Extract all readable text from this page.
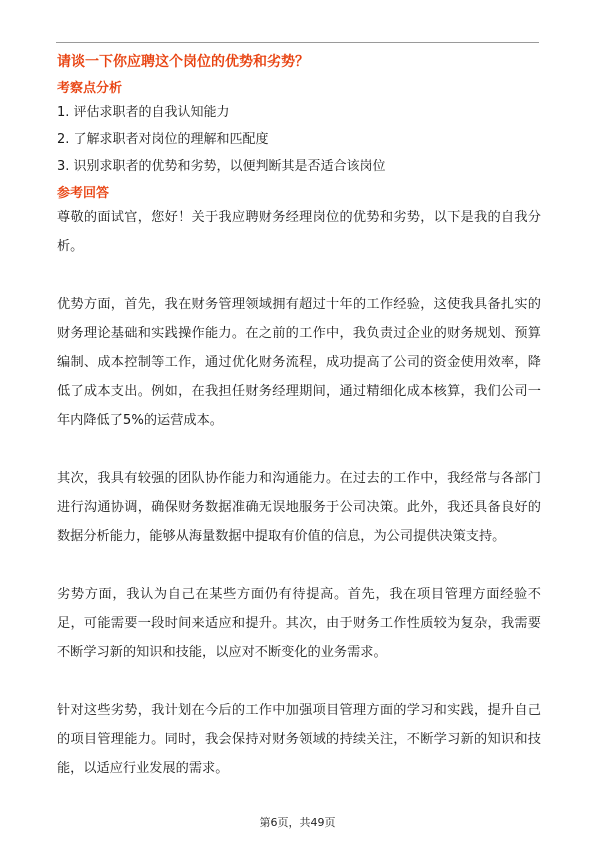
请谈一下你应聘这个岗位的优势和劣势？
考察点分析
1. 评估求职者的自我认知能力
2. 了解求职者对岗位的理解和匹配度
3. 识别求职者的优势和劣势，以便判断其是否适合该岗位
参考回答
尊敬的面试官，您好！关于我应聘财务经理岗位的优势和劣势，以下是我的自我分析。
优势方面，首先，我在财务管理领域拥有超过十年的工作经验，这使我具备扎实的财务理论基础和实践操作能力。在之前的工作中，我负责过企业的财务规划、预算编制、成本控制等工作，通过优化财务流程，成功提高了公司的资金使用效率，降低了成本支出。例如，在我担任财务经理期间，通过精细化成本核算，我们公司一年内降低了5%的运营成本。
其次，我具有较强的团队协作能力和沟通能力。在过去的工作中，我经常与各部门进行沟通协调，确保财务数据准确无误地服务于公司决策。此外，我还具备良好的数据分析能力，能够从海量数据中提取有价值的信息，为公司提供决策支持。
劣势方面，我认为自己在某些方面仍有待提高。首先，我在项目管理方面经验不足，可能需要一段时间来适应和提升。其次，由于财务工作性质较为复杂，我需要不断学习新的知识和技能，以应对不断变化的业务需求。
针对这些劣势，我计划在今后的工作中加强项目管理方面的学习和实践，提升自己的项目管理能力。同时，我会保持对财务领域的持续关注，不断学习新的知识和技能，以适应行业发展的需求。
第6页，共49页
